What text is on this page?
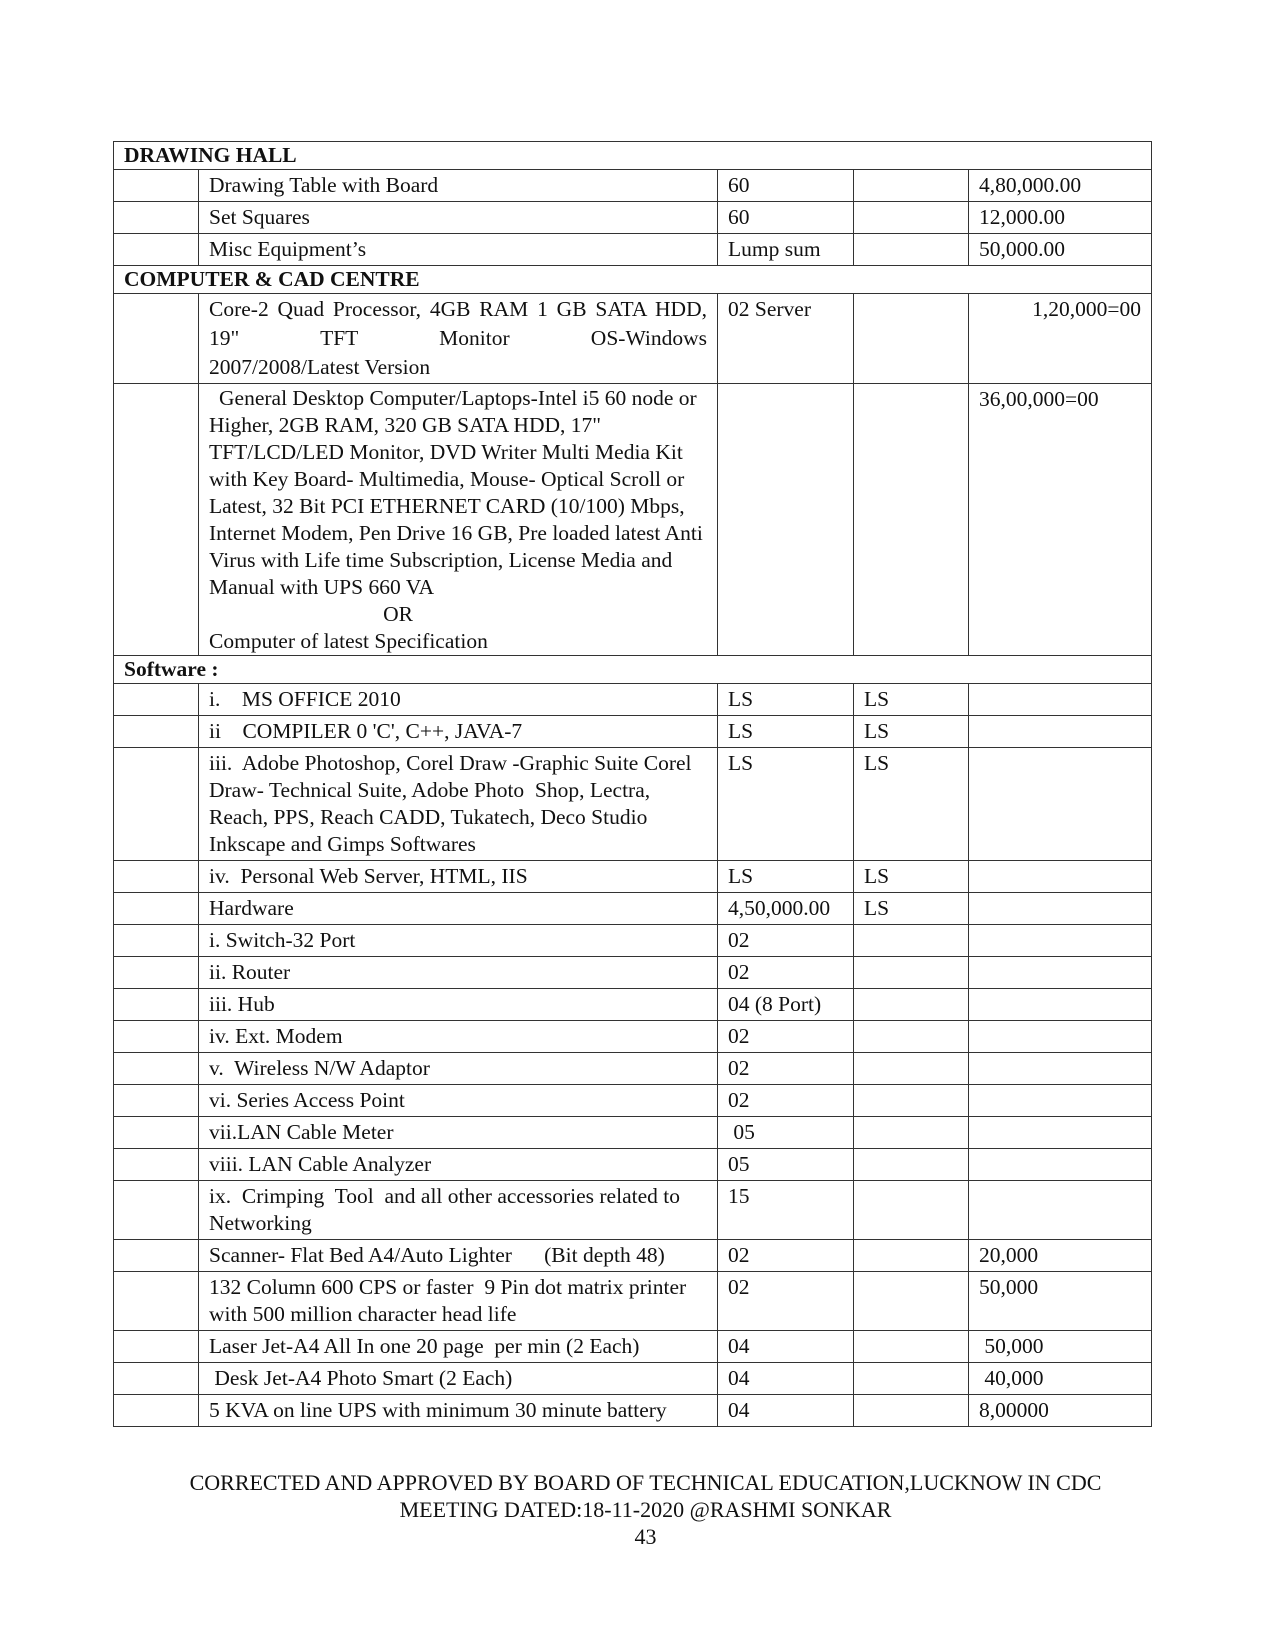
DRAWING HALL				
	Drawing Table with Board	60		4,80,000.00
	Set Squares	60		12,000.00
	Misc Equipment’s	Lump sum		50,000.00
COMPUTER & CAD CENTRE				
	Core-2 Quad Processor, 4GB RAM 1 GB SATA HDD, 19" TFT Monitor OS-Windows
2007/2008/Latest Version	02 Server		1,20,000=00

	General Desktop Computer/Laptops-Intel i5 60 node or Higher, 2GB RAM, 320 GB SATA HDD, 17" TFT/LCD/LED Monitor, DVD Writer Multi Media Kit with Key Board- Multimedia, Mouse- Optical Scroll or Latest, 32 Bit PCI ETHERNET CARD (10/100) Mbps, Internet Modem, Pen Drive 16 GB, Pre loaded latest Anti Virus with Life time Subscription, License Media and Manual with UPS 660 VA
OR
Computer of latest Specification			36,00,000=00
Software :				
	i.    MS OFFICE 2010	LS	LS	
	ii    COMPILER 0 'C', C++, JAVA-7	LS	LS	
	iii.  Adobe Photoshop, Corel Draw -Graphic Suite Corel Draw- Technical Suite, Adobe Photo  Shop, Lectra, Reach, PPS, Reach CADD, Tukatech, Deco Studio Inkscape and Gimps Softwares	LS	LS	
	iv.  Personal Web Server, HTML, IIS	LS	LS	
	Hardware	4,50,000.00	LS	
	i. Switch-32 Port	02		
	ii. Router	02		
	iii. Hub	04 (8 Port)		
	iv. Ext. Modem	02		
	v.  Wireless N/W Adaptor	02		
	vi. Series Access Point	02		
	vii.LAN Cable Meter	05		
	viii. LAN Cable Analyzer	05		
	ix.  Crimping  Tool  and all other accessories related to Networking	15		
	Scanner- Flat Bed A4/Auto Lighter      (Bit depth 48)	02		20,000
	132 Column 600 CPS or faster  9 Pin dot matrix printer with 500 million character head life	02		50,000
	Laser Jet-A4 All In one 20 page  per min (2 Each)	04		50,000
	Desk Jet-A4 Photo Smart (2 Each)	04		40,000
	5 KVA on line UPS with minimum 30 minute battery	04		8,00000
CORRECTED AND APPROVED BY BOARD OF TECHNICAL EDUCATION,LUCKNOW IN CDC
MEETING DATED:18-11-2020 @RASHMI SONKAR
43
